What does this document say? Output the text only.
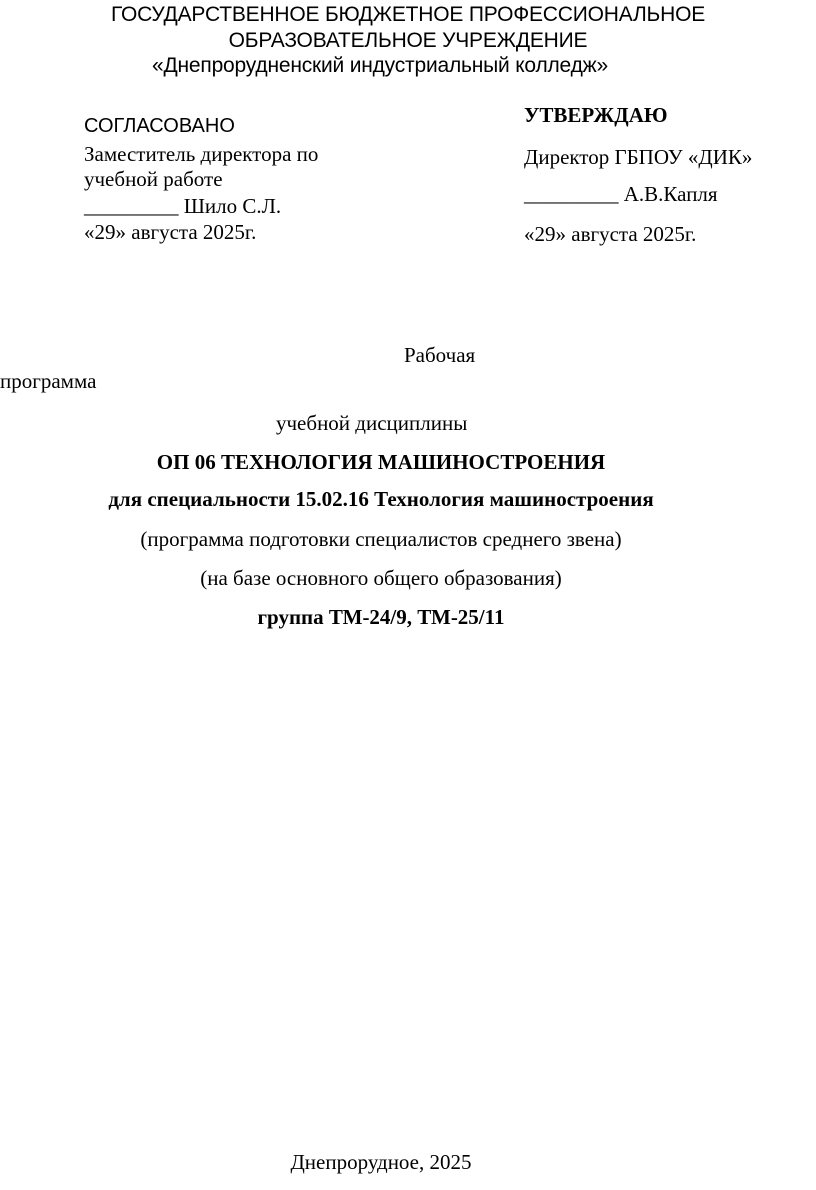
ГОСУДАРСТВЕННОЕ БЮДЖЕТНОЕ ПРОФЕССИОНАЛЬНОЕ
ОБРАЗОВАТЕЛЬНОЕ УЧРЕЖДЕНИЕ
«Днепрорудненский индустриальный колледж»
СОГЛАСОВАНО
Заместитель директора по
учебной работе
_________ Шило С.Л.
«29» августа 2025г.
УТВЕРЖДАЮ
Директор ГБПОУ «ДИК»
_________ А.В.Капля
«29» августа 2025г.
Рабочая
программа
учебной дисциплины
ОП 06 ТЕХНОЛОГИЯ МАШИНОСТРОЕНИЯ
для специальности 15.02.16 Технология машиностроения
(программа подготовки специалистов среднего звена)
(на базе основного общего образования)
группа ТМ-24/9, ТМ-25/11
Днепрорудное, 2025
